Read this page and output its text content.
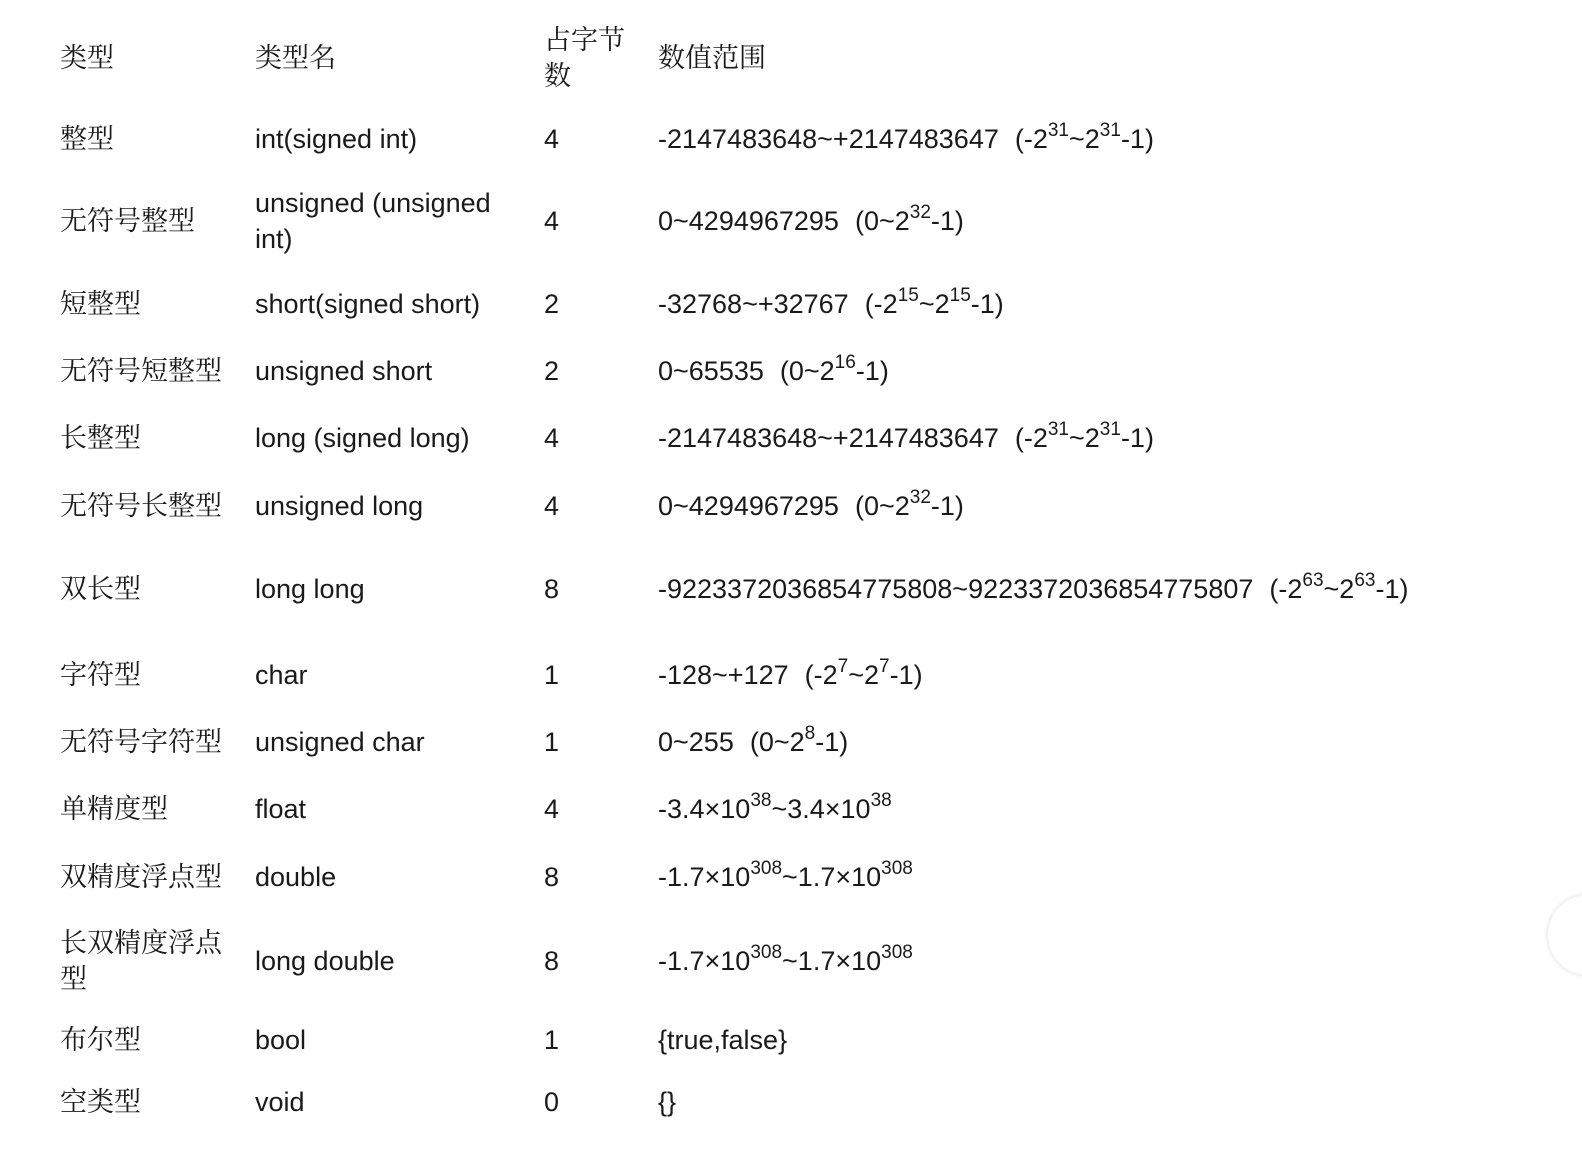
类型	类型名	占字节数	数值范围
整型	int(signed int)	4	-2147483648~+2147483647 $(-2^{31}\sim 2^{31}-1)$
无符号整型	unsigned (unsigned int)	4	0~4294967295 $(0\sim 2^{32}-1)$
短整型	short(signed short)	2	-32768~+32767 $(-2^{15}\sim 2^{15}-1)$
无符号短整型	unsigned short	2	0~65535 $(0\sim 2^{16}-1)$
长整型	long (signed long)	4	-2147483648~+2147483647 $(-2^{31}\sim 2^{31}-1)$
无符号长整型	unsigned long	4	0~4294967295 $(0\sim 2^{32}-1)$
双长型	long long	8	-9223372036854775808~9223372036854775807 $(-2^{63}\sim 2^{63}-1)$
字符型	char	1	-128~+127 $(-2^7\sim 2^7-1)$
无符号字符型	unsigned char	1	0~255 $(0\sim 2^8-1)$
单精度型	float	4	$-3.4\times 10^{38}\sim 3.4\times 10^{38}$
双精度浮点型	double	8	$-1.7\times 10^{308}\sim 1.7\times 10^{308}$
长双精度浮点型	long double	8	$-1.7\times 10^{308}\sim 1.7\times 10^{308}$
布尔型	bool	1	{true,false}
空类型	void	0	{}
